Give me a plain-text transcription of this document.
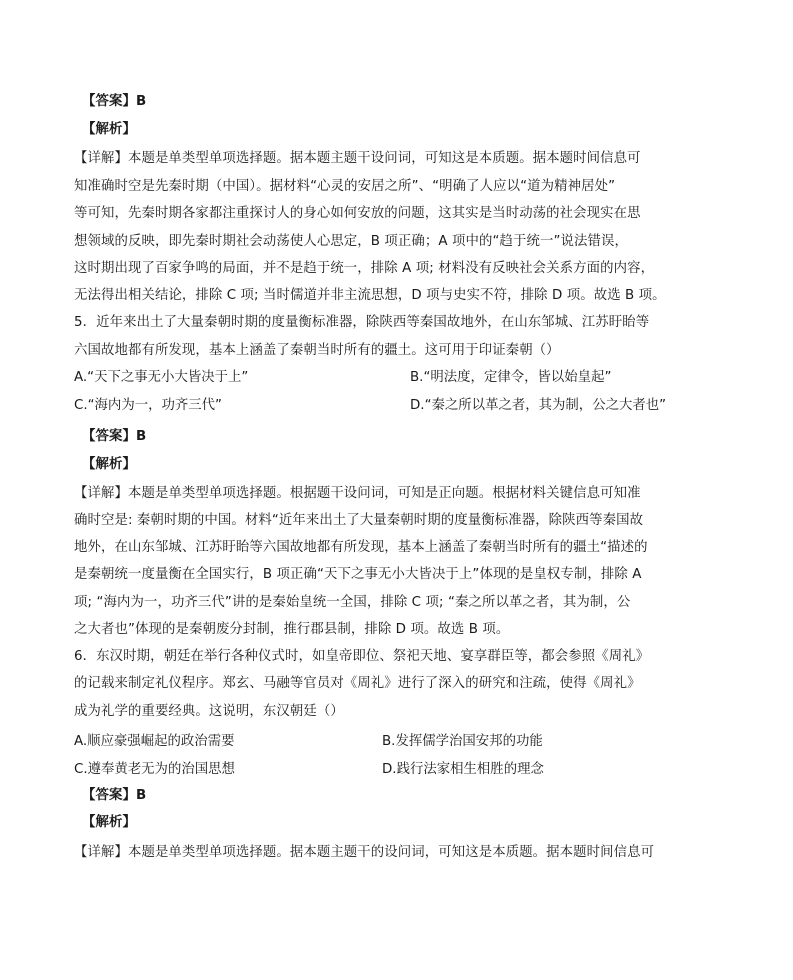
【答案】B
【解析】
【详解】本题是单类型单项选择题。据本题主题干设问词，可知这是本质题。据本题时间信息可
知准确时空是先秦时期（中国）。据材料“心灵的安居之所”、“明确了人应以“道为精神居处”
等可知，先秦时期各家都注重探讨人的身心如何安放的问题，这其实是当时动荡的社会现实在思
想领域的反映，即先秦时期社会动荡使人心思定，B 项正确；A 项中的“趋于统一”说法错误，
这时期出现了百家争鸣的局面，并不是趋于统一，排除 A 项; 材料没有反映社会关系方面的内容，
无法得出相关结论，排除 C 项; 当时儒道并非主流思想，D 项与史实不符，排除 D 项。故选 B 项。
5．近年来出土了大量秦朝时期的度量衡标准器，除陕西等秦国故地外，在山东邹城、江苏盱眙等
六国故地都有所发现，基本上涵盖了秦朝当时所有的疆土。这可用于印证秦朝（）
A.“天下之事无小大皆决于上”	B.“明法度，定律令，皆以始皇起”
C.“海内为一，功齐三代”	D.“秦之所以革之者，其为制，公之大者也”
【答案】B
【解析】
【详解】本题是单类型单项选择题。根据题干设问词，可知是正向题。根据材料关键信息可知准
确时空是: 秦朝时期的中国。材料“近年来出土了大量秦朝时期的度量衡标准器，除陕西等秦国故
地外，在山东邹城、江苏盱眙等六国故地都有所发现，基本上涵盖了秦朝当时所有的疆土“描述的
是秦朝统一度量衡在全国实行，B 项正确“天下之事无小大皆决于上”体现的是皇权专制，排除 A
项; “海内为一，功齐三代”讲的是秦始皇统一全国，排除 C 项; “秦之所以革之者，其为制，公
之大者也”体现的是秦朝废分封制，推行郡县制，排除 D 项。故选 B 项。
6．东汉时期，朝廷在举行各种仪式时，如皇帝即位、祭祀天地、宴享群臣等，都会参照《周礼》
的记载来制定礼仪程序。郑玄、马融等官员对《周礼》进行了深入的研究和注疏，使得《周礼》
成为礼学的重要经典。这说明，东汉朝廷（）
A.顺应豪强崛起的政治需要	B.发挥儒学治国安邦的功能
C.遵奉黄老无为的治国思想	D.践行法家相生相胜的理念
【答案】B
【解析】
【详解】本题是单类型单项选择题。据本题主题干的设问词，可知这是本质题。据本题时间信息可
